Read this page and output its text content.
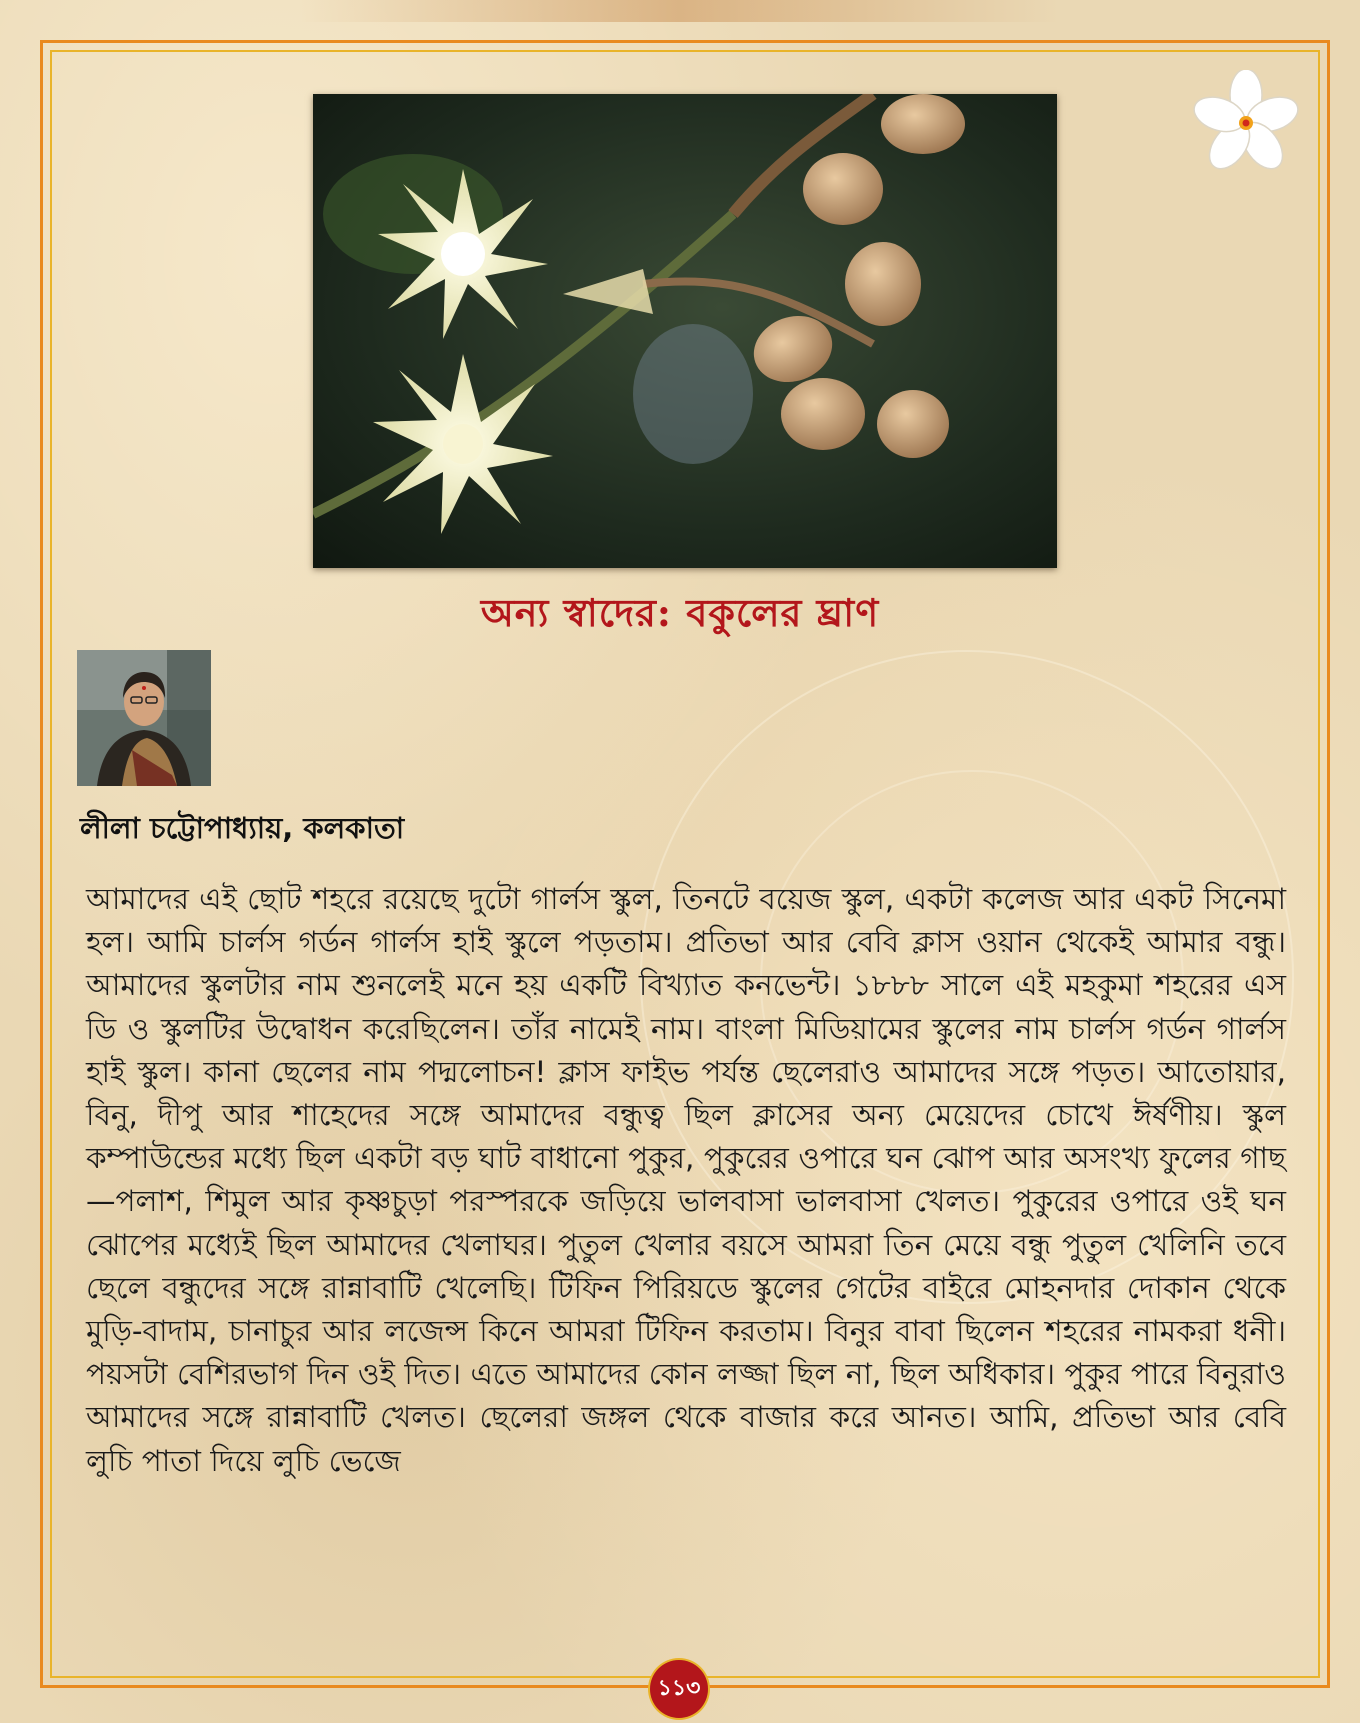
অন্য স্বাদের: বকুলের ঘ্রাণ
লীলা চট্টোপাধ্যায়, কলকাতা
আমাদের এই ছোট শহরে রয়েছে দুটো গার্লস স্কুল, তিনটে বয়েজ স্কুল, একটা কলেজ আর একট সিনেমা হল। আমি চার্লস গর্ডন গার্লস হাই স্কুলে পড়তাম। প্রতিভা আর বেবি ক্লাস ওয়ান থেকেই আমার বন্ধু। আমাদের স্কুলটার নাম শুনলেই মনে হয় একটি বিখ্যাত কনভেন্ট। ১৮৮৮ সালে এই মহকুমা শহরের এস ডি ও স্কুলটির উদ্বোধন করেছিলেন। তাঁর নামেই নাম। বাংলা মিডিয়ামের স্কুলের নাম চার্লস গর্ডন গার্লস হাই স্কুল। কানা ছেলের নাম পদ্মলোচন! ক্লাস ফাইভ পর্যন্ত ছেলেরাও আমাদের সঙ্গে পড়ত। আতোয়ার, বিনু, দীপু আর শাহেদের সঙ্গে আমাদের বন্ধুত্ব ছিল ক্লাসের অন্য মেয়েদের চোখে ঈর্ষণীয়। স্কুল কম্পাউন্ডের মধ্যে ছিল একটা বড় ঘাট বাধানো পুকুর, পুকুরের ওপারে ঘন ঝোপ আর অসংখ্য ফুলের গাছ—পলাশ, শিমুল আর কৃষ্ণচুড়া পরস্পরকে জড়িয়ে ভালবাসা ভালবাসা খেলত। পুকুরের ওপারে ওই ঘন ঝোপের মধ্যেই ছিল আমাদের খেলাঘর। পুতুল খেলার বয়সে আমরা তিন মেয়ে বন্ধু পুতুল খেলিনি তবে ছেলে বন্ধুদের সঙ্গে রান্নাবাটি খেলেছি। টিফিন পিরিয়ডে স্কুলের গেটের বাইরে মোহনদার দোকান থেকে মুড়ি-বাদাম, চানাচুর আর লজেন্স কিনে আমরা টিফিন করতাম। বিনুর বাবা ছিলেন শহরের নামকরা ধনী। পয়সটা বেশিরভাগ দিন ওই দিত। এতে আমাদের কোন লজ্জা ছিল না, ছিল অধিকার। পুকুর পারে বিনুরাও আমাদের সঙ্গে রান্নাবাটি খেলত। ছেলেরা জঙ্গল থেকে বাজার করে আনত। আমি, প্রতিভা আর বেবি লুচি পাতা দিয়ে লুচি ভেজে
১১৩
